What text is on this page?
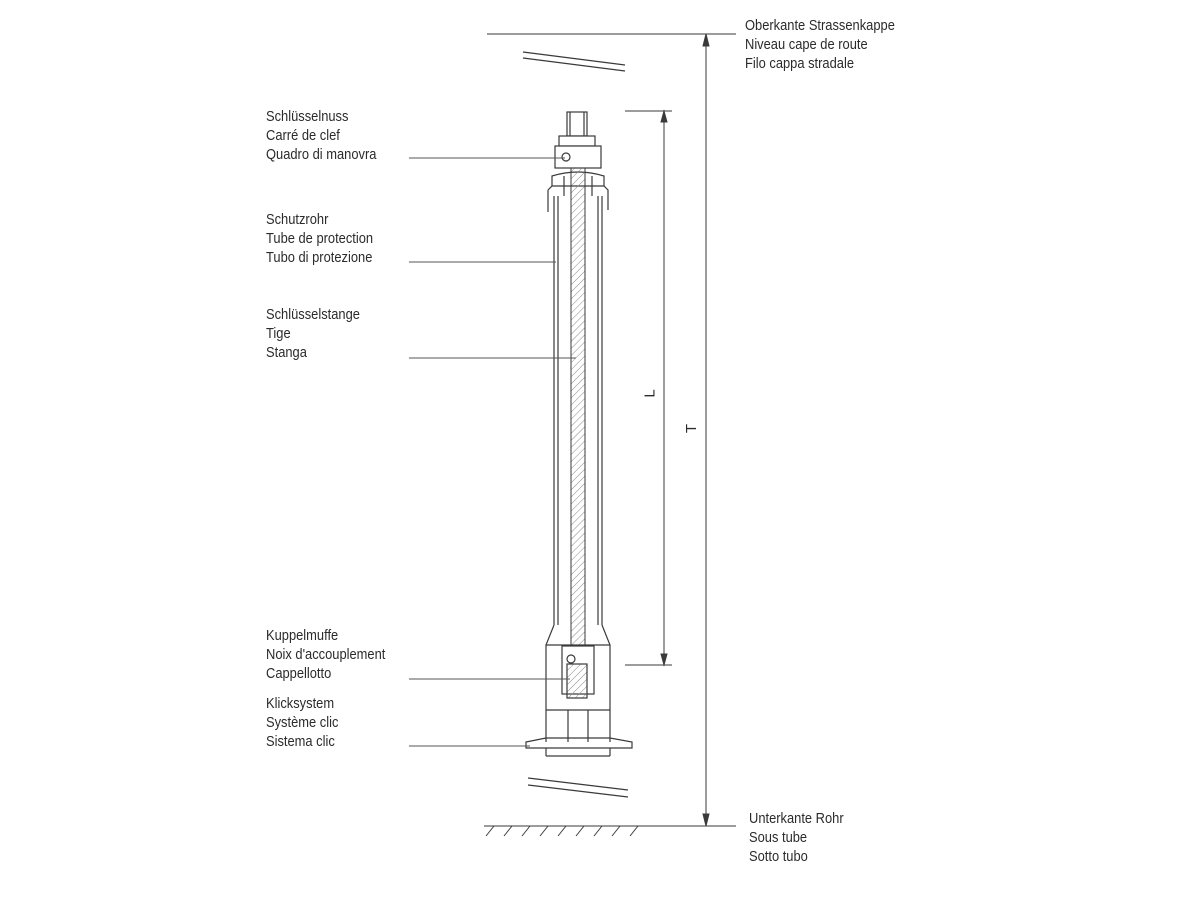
Oberkante Strassenkappe
Niveau cape de route
Filo cappa stradale
Schlüsselnuss
Carré de clef
Quadro di manovra
Schutzrohr
Tube de protection
Tubo di protezione
Schlüsselstange
Tige
Stanga
Kuppelmuffe
Noix d'accouplement
Cappellotto
Klicksystem
Système clic
Sistema clic
Unterkante Rohr
Sous tube
Sotto tubo
L
T
